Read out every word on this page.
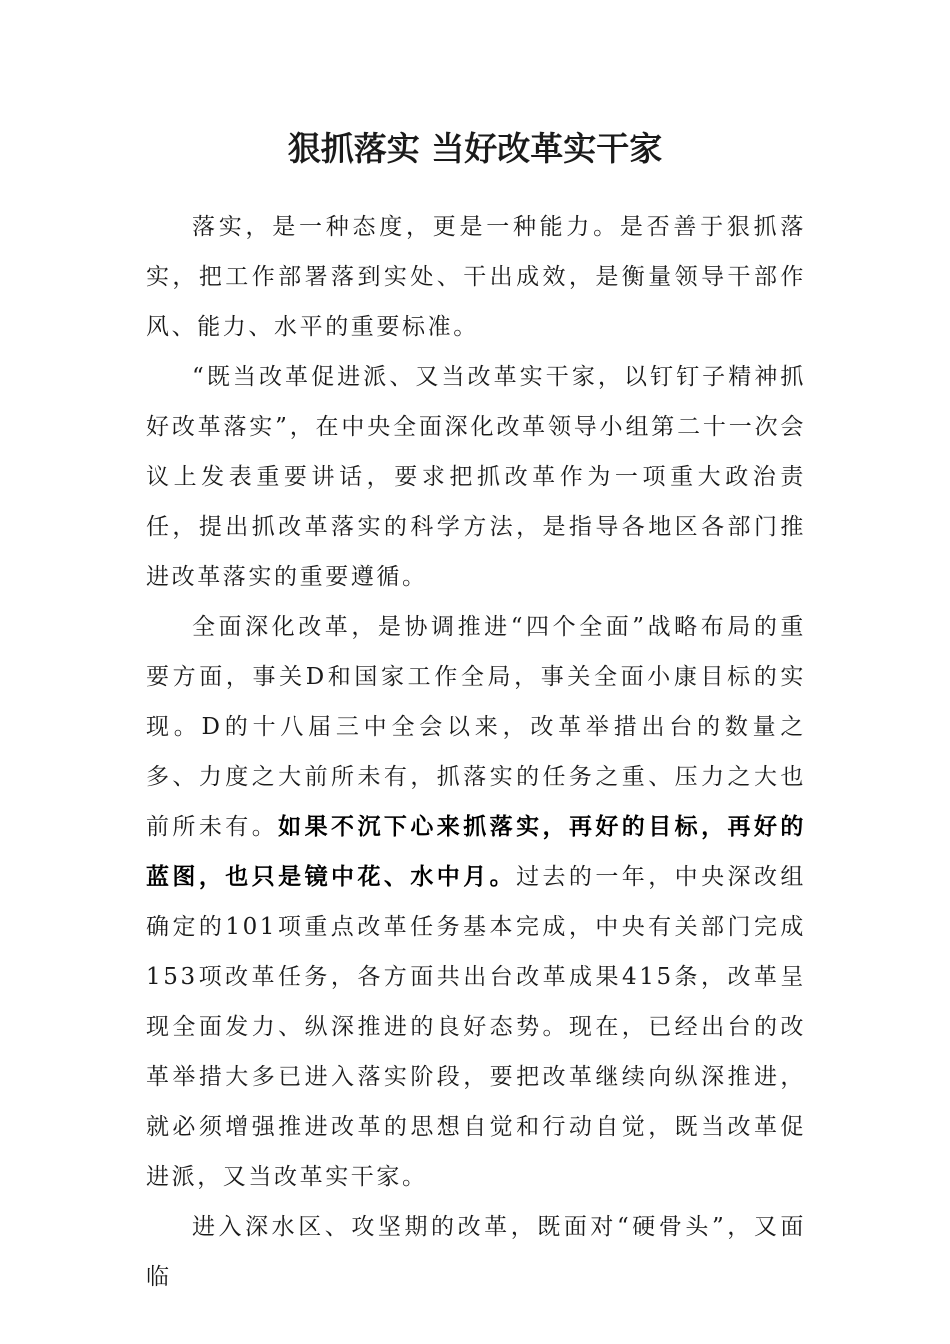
狠抓落实 当好改革实干家

落实，是一种态度，更是一种能力。是否善于狠抓落实，把工作部署落到实处、干出成效，是衡量领导干部作风、能力、水平的重要标准。

“既当改革促进派、又当改革实干家，以钉钉子精神抓好改革落实”，在中央全面深化改革领导小组第二十一次会议上发表重要讲话，要求把抓改革作为一项重大政治责任，提出抓改革落实的科学方法，是指导各地区各部门推进改革落实的重要遵循。

全面深化改革，是协调推进“四个全面”战略布局的重要方面，事关D和国家工作全局，事关全面小康目标的实现。D的十八届三中全会以来，改革举措出台的数量之多、力度之大前所未有，抓落实的任务之重、压力之大也前所未有。如果不沉下心来抓落实，再好的目标，再好的蓝图，也只是镜中花、水中月。过去的一年，中央深改组确定的101项重点改革任务基本完成，中央有关部门完成153项改革任务，各方面共出台改革成果415条，改革呈现全面发力、纵深推进的良好态势。现在，已经出台的改革举措大多已进入落实阶段，要把改革继续向纵深推进，就必须增强推进改革的思想自觉和行动自觉，既当改革促进派，又当改革实干家。

进入深水区、攻坚期的改革，既面对“硬骨头”，又面临
